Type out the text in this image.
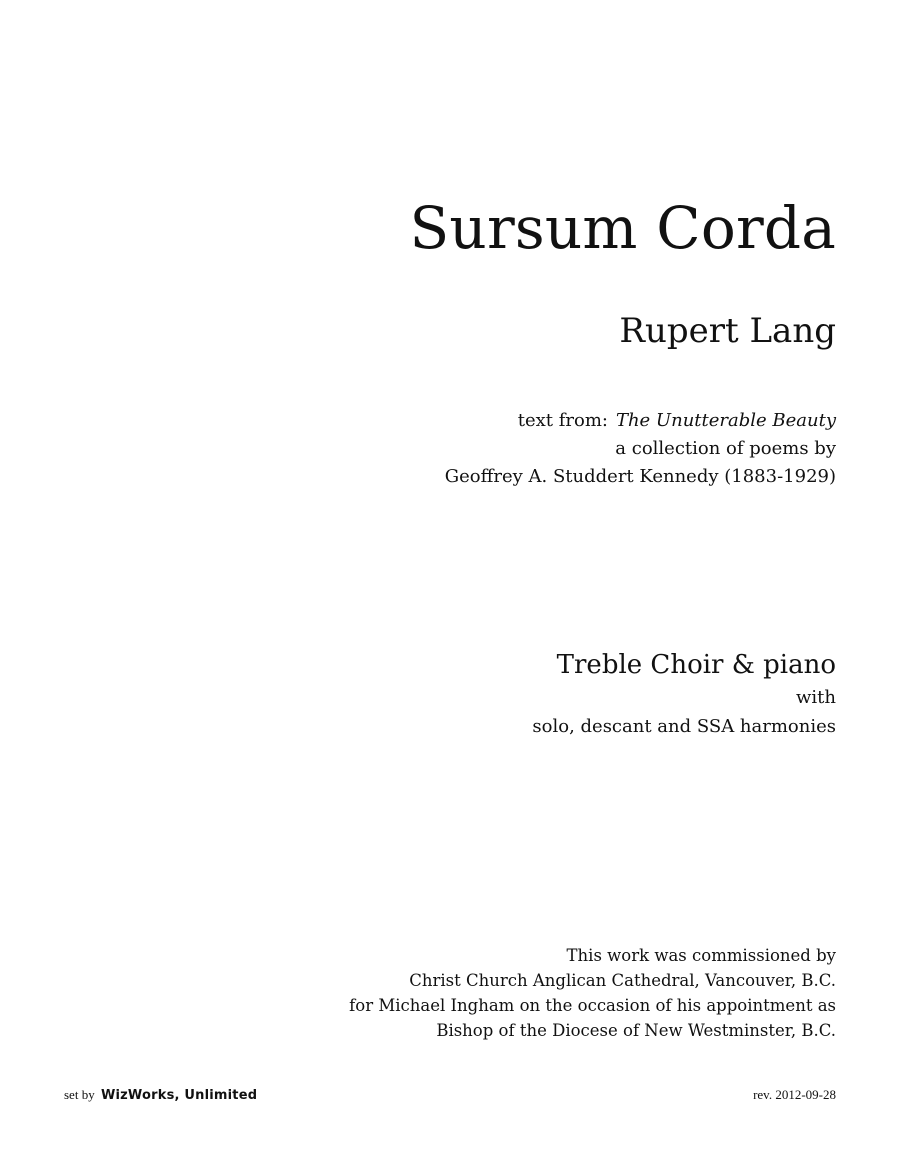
Sursum Corda
Rupert Lang
text from: The Unutterable Beauty
a collection of poems by
Geoffrey A. Studdert Kennedy (1883-1929)
Treble Choir & piano
with
solo, descant and SSA harmonies
This work was commissioned by
Christ Church Anglican Cathedral, Vancouver, B.C.
for Michael Ingham on the occasion of his appointment as
Bishop of the Diocese of New Westminster, B.C.
set by WizWorks, Unlimited	rev. 2012-09-28
